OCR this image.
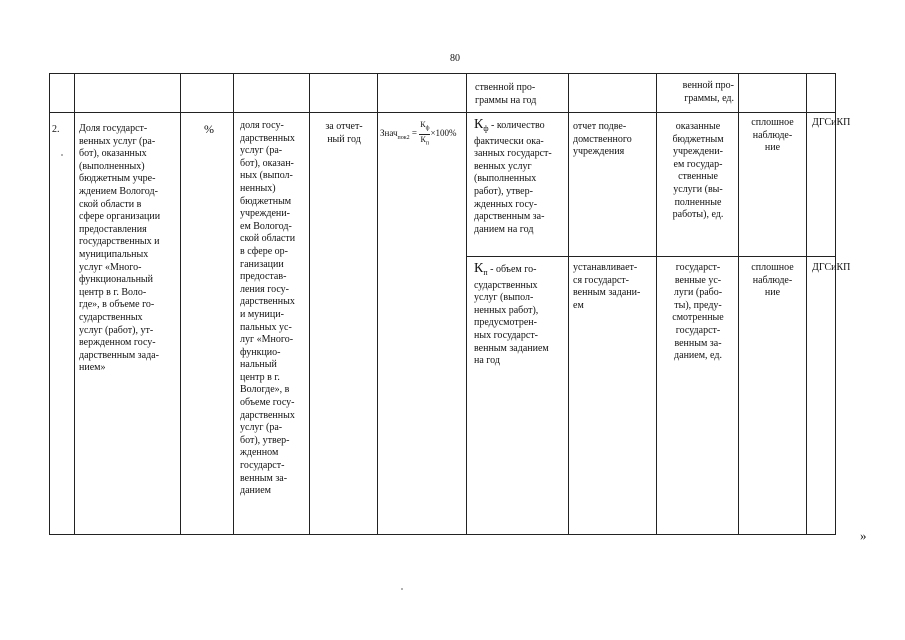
80
ственной про-
граммы на год
венной про-
граммы, ед.
2. Доля государст-
венных услуг (ра-
бот), оказанных
(выполненных)
бюджетным учре-
ждением Вологод-
ской области в
сфере организации
предоставления
государственных и
муниципальных
услуг «Много-
функциональный
центр в г. Воло-
где», в объеме го-
сударственных
услуг (работ), ут-
вержденном госу-
дарственным зада-
нием»
%	доля госу-
дарственных
услуг (ра-
бот), оказан-
ных (выпол-
ненных)
бюджетным
учреждени-
ем Вологод-
ской области
в сфере ор-
ганизации
предостав-
ления госу-
дарственных
и муници-
пальных ус-
луг «Много-
функцио-
нальный
центр в г.
Вологде», в
объеме госу-
дарственных
услуг (ра-
бот), утвер-
жденном
государст-
венным за-
данием
за отчет-
ный год
Знач$_{пок2}$ = $\frac{К_ф}{К_п} \times 100\%$
$К_ф$ - количество
фактически ока-
занных государст-
венных услуг
(выполненных
работ), утвер-
жденных госу-
дарственным за-
данием на год
отчет подве-
домственного
учреждения
оказанные
бюджетным
учреждени-
ем государ-
ственные
услуги (вы-
полненные
работы), ед.
сплошное
наблюде-
ние
ДГСиКП
$К_п$ - объем го-
сударственных
услуг (выпол-
ненных работ),
предусмотрен-
ных государст-
венным заданием
на год
устанавливает-
ся государст-
венным задани-
ем
государст-
венные ус-
луги (рабо-
ты), преду-
смотренные
государст-
венным за-
данием, ед.
сплошное
наблюде-
ние
ДГСиКП
»
